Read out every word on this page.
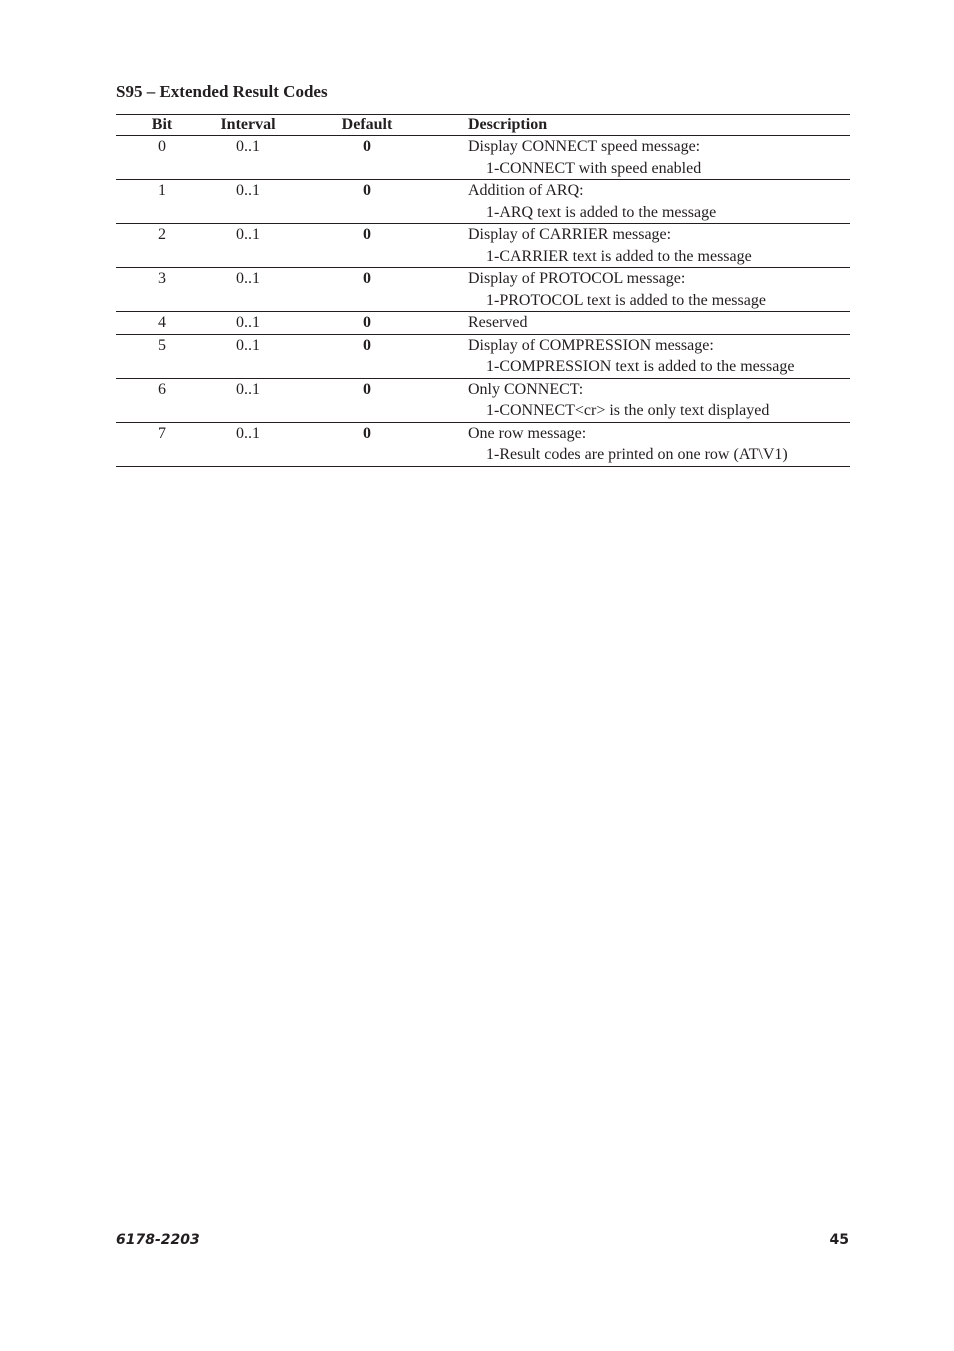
S95 – Extended Result Codes
Bit	Interval	Default	Description
0	0..1	0	Display CONNECT speed message:
1-CONNECT with speed enabled

1	0..1	0	Addition of ARQ:
1-ARQ text is added to the message

2	0..1	0	Display of CARRIER message:
1-CARRIER text is added to the message

3	0..1	0	Display of PROTOCOL message:
1-PROTOCOL text is added to the message

4	0..1	0	Reserved

5	0..1	0	Display of COMPRESSION message:
1-COMPRESSION text is added to the message

6	0..1	0	Only CONNECT:
1-CONNECT<cr> is the only text displayed

7	0..1	0	One row message:
1-Result codes are printed on one row (AT\V1)
6178-2203	45
